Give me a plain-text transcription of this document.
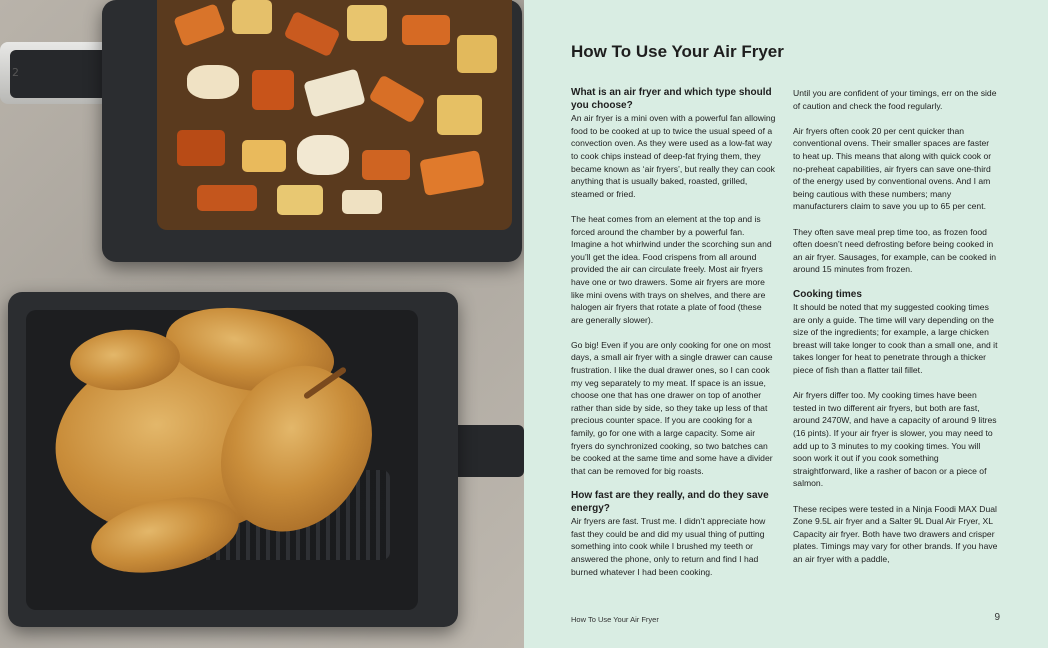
2
How To Use Your Air Fryer
What is an air fryer and which type should you choose?

An air fryer is a mini oven with a powerful fan allowing food to be cooked at up to twice the usual speed of a convection oven. As they were used as a low-fat way to cook chips instead of deep-fat frying them, they became known as ‘air fryers’, but really they can cook anything that is usually baked, roasted, grilled, steamed or fried.

The heat comes from an element at the top and is forced around the chamber by a powerful fan. Imagine a hot whirlwind under the scorching sun and you’ll get the idea. Food crispens from all around provided the air can circulate freely. Most air fryers have one or two drawers. Some air fryers are more like mini ovens with trays on shelves, and there are halogen air fryers that rotate a plate of food (these are generally slower).

Go big! Even if you are only cooking for one on most days, a small air fryer with a single drawer can cause frustration. I like the dual drawer ones, so I can cook my veg separately to my meat. If space is an issue, choose one that has one drawer on top of another rather than side by side, so they take up less of that precious counter space. If you are cooking for a family, go for one with a large capacity. Some air fryers do synchronized cooking, so two batches can be cooked at the same time and some have a divider that can be removed for big roasts.

How fast are they really, and do they save energy?

Air fryers are fast. Trust me. I didn’t appreciate how fast they could be and did my usual thing of putting something into cook while I brushed my teeth or answered the phone, only to return and find I had burned whatever I had been cooking.

Until you are confident of your timings, err on the side of caution and check the food regularly.

Air fryers often cook 20 per cent quicker than conventional ovens. Their smaller spaces are faster to heat up. This means that along with quick cook or no-preheat capabilities, air fryers can save one-third of the energy used by conventional ovens. And I am being cautious with these numbers; many manufacturers claim to save you up to 65 per cent.

They often save meal prep time too, as frozen food often doesn’t need defrosting before being cooked in an air fryer. Sausages, for example, can be cooked in around 15 minutes from frozen.

Cooking times

It should be noted that my suggested cooking times are only a guide. The time will vary depending on the size of the ingredients; for example, a large chicken breast will take longer to cook than a small one, and it takes longer for heat to penetrate through a thicker piece of fish than a flatter tail fillet.

Air fryers differ too. My cooking times have been tested in two different air fryers, but both are fast, around 2470W, and have a capacity of around 9 litres (16 pints). If your air fryer is slower, you may need to add up to 3 minutes to my cooking times. You will soon work it out if you cook something straightforward, like a rasher of bacon or a piece of salmon.

These recipes were tested in a Ninja Foodi MAX Dual Zone 9.5L air fryer and a Salter 9L Dual Air Fryer, XL Capacity air fryer. Both have two drawers and crisper plates. Timings may vary for other brands. If you have an air fryer with a paddle,

How To Use Your Air Fryer	9
